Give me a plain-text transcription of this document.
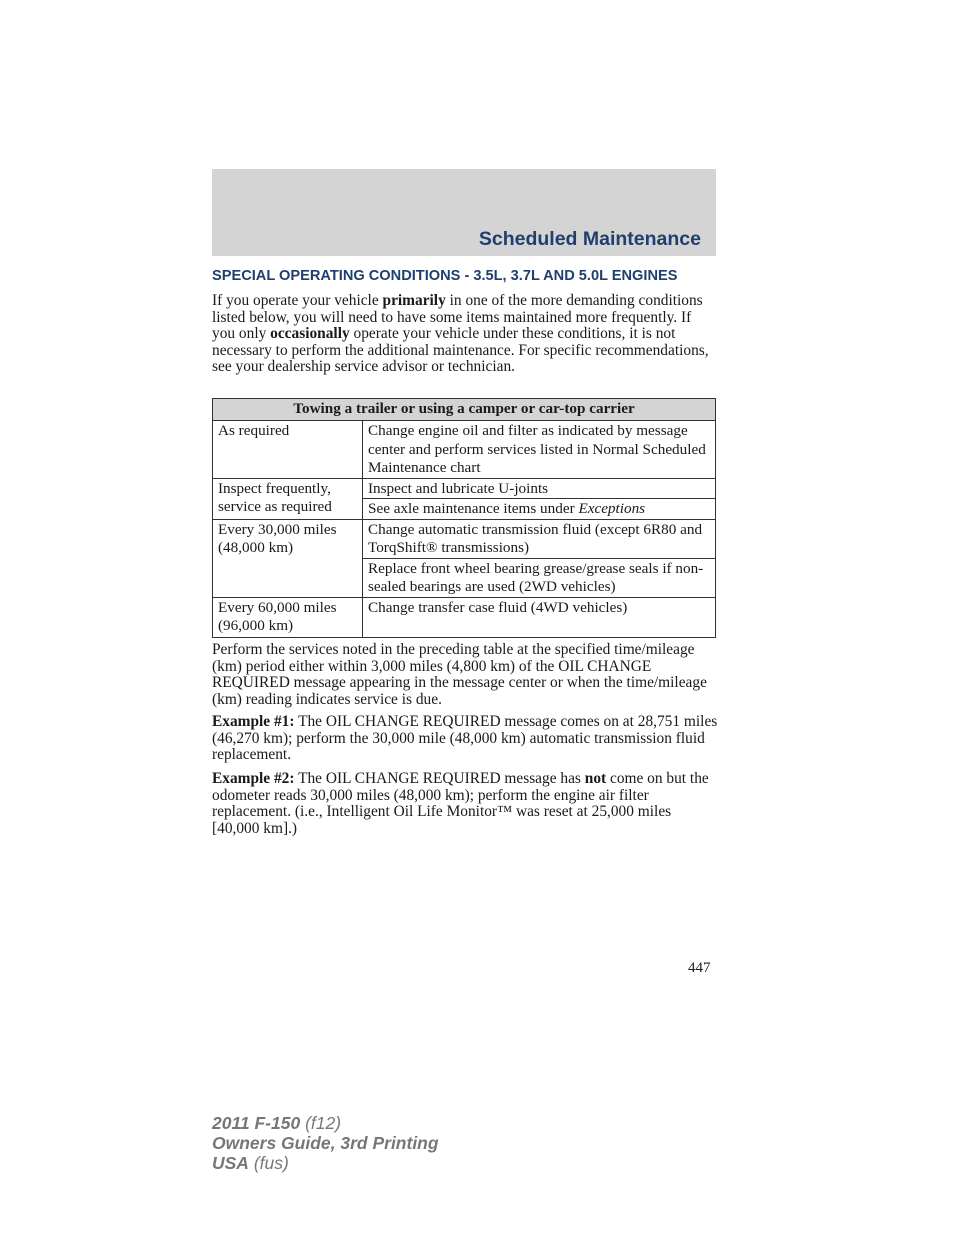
Scheduled Maintenance
SPECIAL OPERATING CONDITIONS - 3.5L, 3.7L AND 5.0L ENGINES

If you operate your vehicle primarily in one of the more demanding conditions listed below, you will need to have some items maintained more frequently. If you only occasionally operate your vehicle under these conditions, it is not necessary to perform the additional maintenance. For specific recommendations, see your dealership service advisor or technician.

Towing a trailer or using a camper or car-top carrier	
As required	Change engine oil and filter as indicated by message center and perform services listed in Normal Scheduled Maintenance chart
Inspect frequently, service as required	Inspect and lubricate U-joints
	See axle maintenance items under Exceptions
Every 30,000 miles (48,000 km)	Change automatic transmission fluid (except 6R80 and TorqShift® transmissions)
	Replace front wheel bearing grease/grease seals if non-sealed bearings are used (2WD vehicles)
Every 60,000 miles (96,000 km)	Change transfer case fluid (4WD vehicles)

Perform the services noted in the preceding table at the specified time/mileage (km) period either within 3,000 miles (4,800 km) of the OIL CHANGE REQUIRED message appearing in the message center or when the time/mileage (km) reading indicates service is due.

Example #1: The OIL CHANGE REQUIRED message comes on at 28,751 miles (46,270 km); perform the 30,000 mile (48,000 km) automatic transmission fluid replacement.

Example #2: The OIL CHANGE REQUIRED message has not come on but the odometer reads 30,000 miles (48,000 km); perform the engine air filter replacement. (i.e., Intelligent Oil Life Monitor™ was reset at 25,000 miles [40,000 km].)

447
2011 F-150 (f12)
Owners Guide, 3rd Printing
USA (fus)
